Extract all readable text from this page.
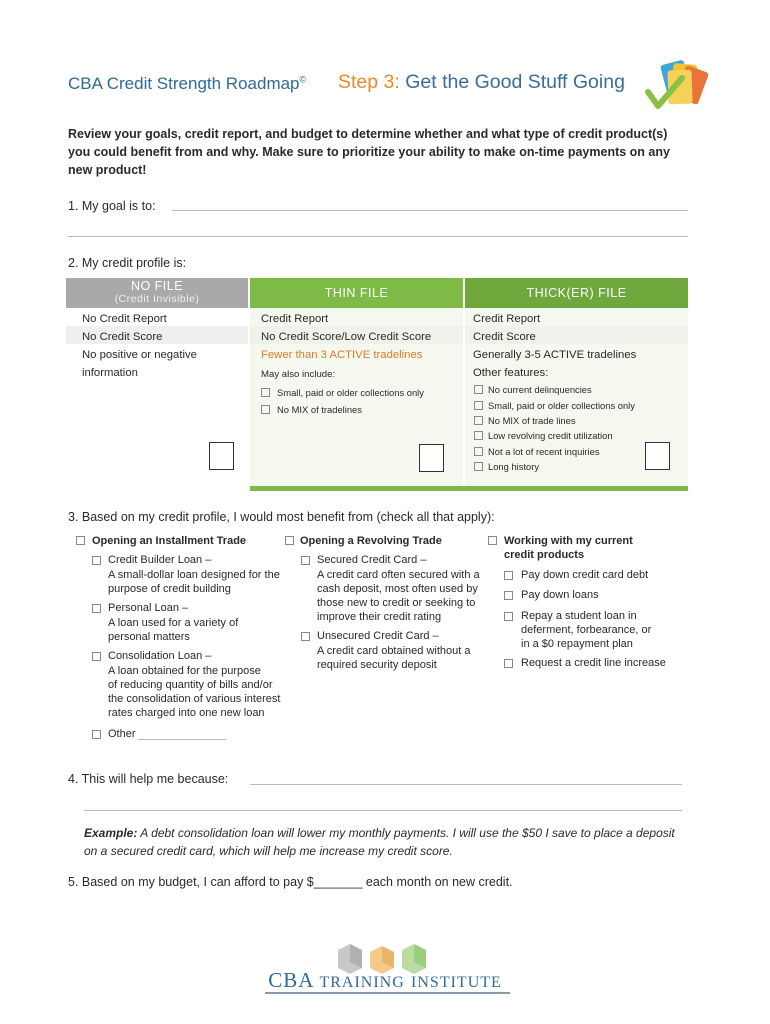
CBA Credit Strength Roadmap© Step 3: Get the Good Stuff Going
Review your goals, credit report, and budget to determine whether and what type of credit product(s) you could benefit from and why. Make sure to prioritize your ability to make on-time payments on any new product!
1. My goal is to:
2. My credit profile is:
NO FILE
(Credit Invisible)
No Credit Report
No Credit Score
No positive or negative
information
THIN FILE
Credit Report
No Credit Score/Low Credit Score
Fewer than 3 ACTIVE tradelines
May also include:
Small, paid or older collections only
No MIX of tradelines
THICK(ER) FILE
Credit Report
Credit Score
Generally 3-5 ACTIVE tradelines
Other features:
No current delinquencies
Small, paid or older collections only
No MIX of trade lines
Low revolving credit utilization
Not a lot of recent inquiries
Long history
3. Based on my credit profile, I would most benefit from (check all that apply):
Opening an Installment Trade
Credit Builder Loan –
A small-dollar loan designed for the
purpose of credit building
Personal Loan –
A loan used for a variety of
personal matters
Consolidation Loan –
A loan obtained for the purpose
of reducing quantity of bills and/or
the consolidation of various interest
rates charged into one new loan
Other
Opening a Revolving Trade
Secured Credit Card –
A credit card often secured with a
cash deposit, most often used by
those new to credit or seeking to
improve their credit rating
Unsecured Credit Card –
A credit card obtained without a
required security deposit
Working with my current
credit products
Pay down credit card debt
Pay down loans
Repay a student loan in
deferment, forbearance, or
in a $0 repayment plan
Request a credit line increase
4. This will help me because:
Example: A debt consolidation loan will lower my monthly payments. I will use the $50 I save to place a deposit on a secured credit card, which will help me increase my credit score.
5. Based on my budget, I can afford to pay $_______ each month on new credit.
CBA TRAINING INSTITUTE
